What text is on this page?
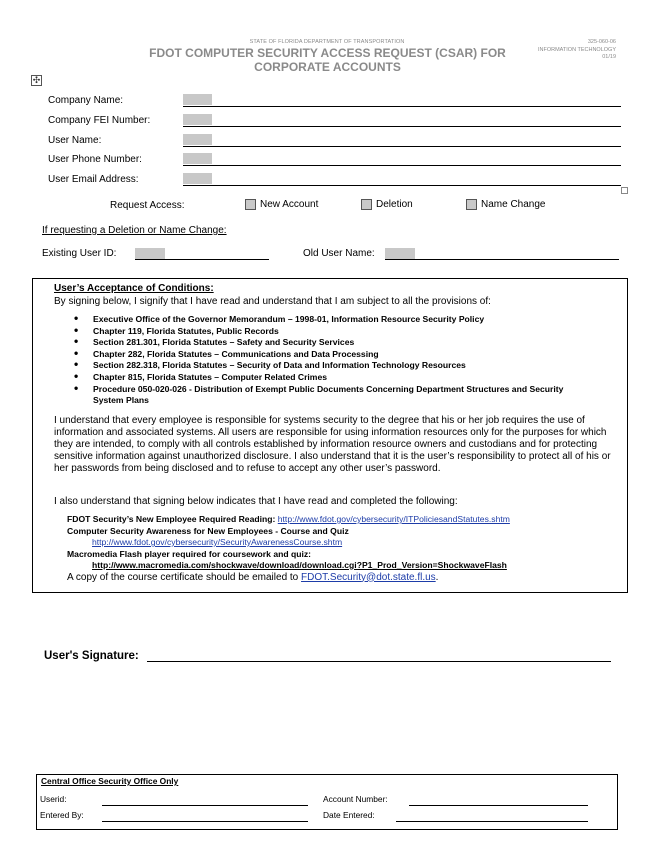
STATE OF FLORIDA DEPARTMENT OF TRANSPORTATION
FDOT COMPUTER SECURITY ACCESS REQUEST (CSAR) FOR
CORPORATE ACCOUNTS
325-060-06
INFORMATION TECHNOLOGY
01/19
✣
Company Name:
Company FEI Number:
User Name:
User Phone Number:
User Email Address:
Request Access:	New Account	Deletion	Name Change
If requesting a Deletion or Name Change:
Existing User ID:	Old User Name:
User’s Acceptance of Conditions:
By signing below, I signify that I have read and understand that I am subject to all the provisions of:
• Executive Office of the Governor Memorandum – 1998-01, Information Resource Security Policy
• Chapter 119, Florida Statutes, Public Records
• Section 281.301, Florida Statutes – Safety and Security Services
• Chapter 282, Florida Statutes – Communications and Data Processing
• Section 282.318, Florida Statutes – Security of Data and Information Technology Resources
• Chapter 815, Florida Statutes – Computer Related Crimes
• Procedure 050-020-026 - Distribution of Exempt Public Documents Concerning Department Structures and Security System Plans
I understand that every employee is responsible for systems security to the degree that his or her job requires the use of information and associated systems. All users are responsible for using information resources only for the purposes for which they are intended, to comply with all controls established by information resource owners and custodians and for protecting sensitive information against unauthorized disclosure. I also understand that it is the user’s responsibility to protect all of his or her passwords from being disclosed and to refuse to accept any other user’s password.
I also understand that signing below indicates that I have read and completed the following:
FDOT Security’s New Employee Required Reading: http://www.fdot.gov/cybersecurity/ITPoliciesandStatutes.shtm
Computer Security Awareness for New Employees - Course and Quiz
http://www.fdot.gov/cybersecurity/SecurityAwarenessCourse.shtm
Macromedia Flash player required for coursework and quiz:
http://www.macromedia.com/shockwave/download/download.cgi?P1_Prod_Version=ShockwaveFlash
A copy of the course certificate should be emailed to FDOT.Security@dot.state.fl.us.
User's Signature:
Central Office Security Office Only
Userid:	Account Number:
Entered By:	Date Entered:
